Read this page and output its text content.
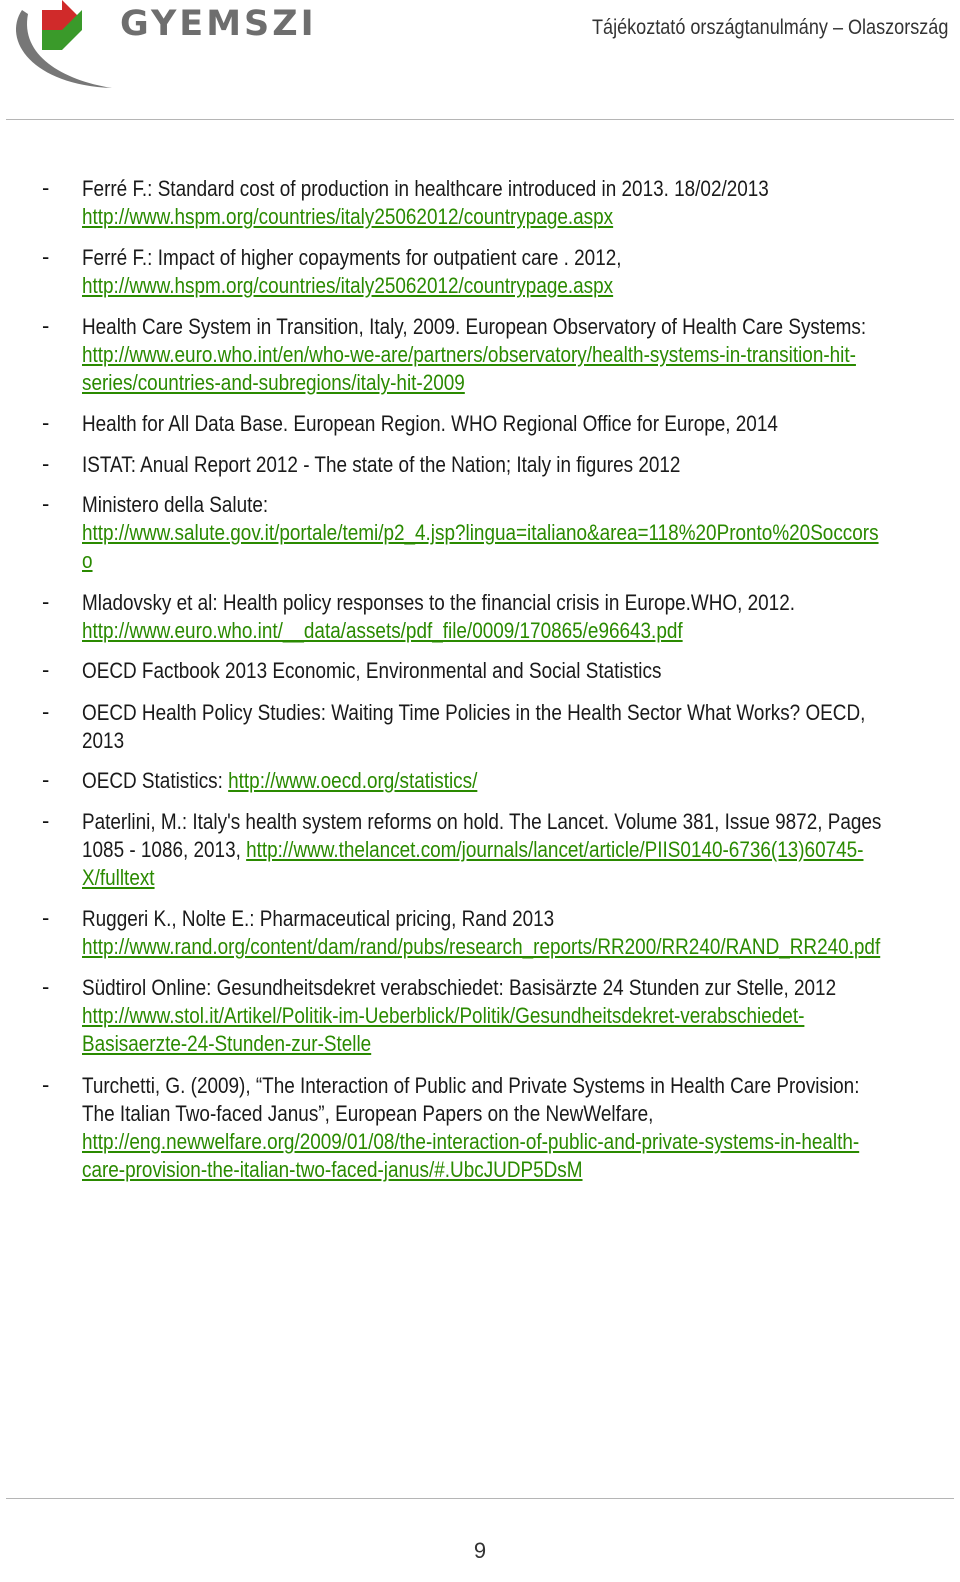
GYEMSZI	Tájékoztató országtanulmány – Olaszország
- Ferré F.: Standard cost of production in healthcare introduced in 2013. 18/02/2013
http://www.hspm.org/countries/italy25062012/countrypage.aspx
- Ferré F.: Impact of higher copayments for outpatient care . 2012,
http://www.hspm.org/countries/italy25062012/countrypage.aspx
- Health Care System in Transition, Italy, 2009. European Observatory of Health Care Systems:
http://www.euro.who.int/en/who-we-are/partners/observatory/health-systems-in-transition-hit-
series/countries-and-subregions/italy-hit-2009
- Health for All Data Base. European Region. WHO Regional Office for Europe, 2014
- ISTAT: Anual Report 2012 - The state of the Nation; Italy in figures 2012
- Ministero della Salute:
http://www.salute.gov.it/portale/temi/p2_4.jsp?lingua=italiano&area=118%20Pronto%20Soccors
o
- Mladovsky et al: Health policy responses to the financial crisis in Europe.WHO, 2012.
http://www.euro.who.int/__data/assets/pdf_file/0009/170865/e96643.pdf
- OECD Factbook 2013 Economic, Environmental and Social Statistics
- OECD Health Policy Studies: Waiting Time Policies in the Health Sector What Works? OECD,
2013
- OECD Statistics: http://www.oecd.org/statistics/
- Paterlini, M.: Italy's health system reforms on hold. The Lancet. Volume 381, Issue 9872, Pages
1085 - 1086, 2013, http://www.thelancet.com/journals/lancet/article/PIIS0140-6736(13)60745-
X/fulltext
- Ruggeri K., Nolte E.: Pharmaceutical pricing, Rand 2013
http://www.rand.org/content/dam/rand/pubs/research_reports/RR200/RR240/RAND_RR240.pdf
- Südtirol Online: Gesundheitsdekret verabschiedet: Basisärzte 24 Stunden zur Stelle, 2012
http://www.stol.it/Artikel/Politik-im-Ueberblick/Politik/Gesundheitsdekret-verabschiedet-
Basisaerzte-24-Stunden-zur-Stelle
- Turchetti, G. (2009), “The Interaction of Public and Private Systems in Health Care Provision:
The Italian Two-faced Janus”, European Papers on the NewWelfare,
http://eng.newwelfare.org/2009/01/08/the-interaction-of-public-and-private-systems-in-health-
care-provision-the-italian-two-faced-janus/#.UbcJUDP5DsM
9
